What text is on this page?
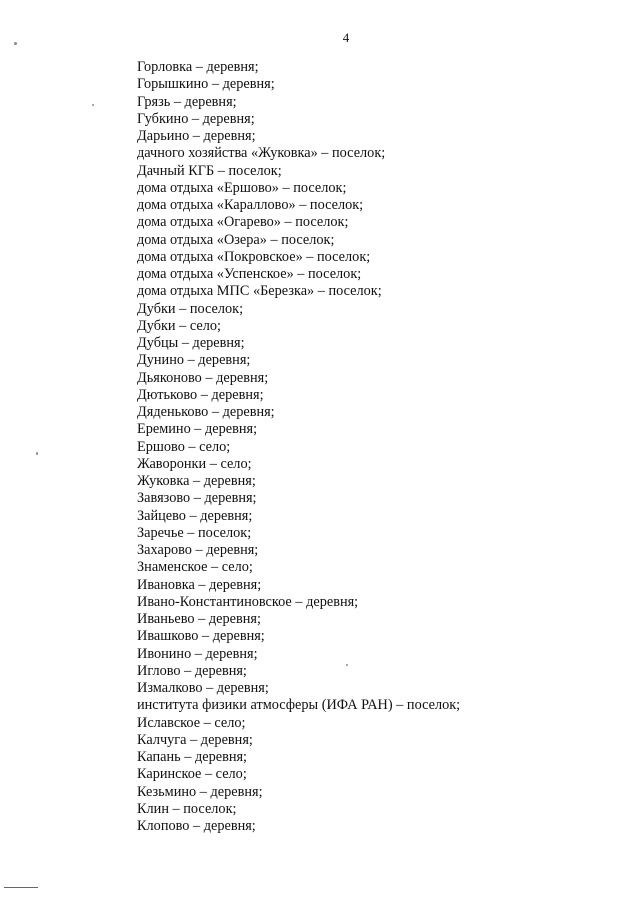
4
Горловка – деревня;
Горышкино – деревня;
Грязь – деревня;
Губкино – деревня;
Дарьино – деревня;
дачного хозяйства «Жуковка» – поселок;
Дачный КГБ – поселок;
дома отдыха «Ершово» – поселок;
дома отдыха «Караллово» – поселок;
дома отдыха «Огарево» – поселок;
дома отдыха «Озера» – поселок;
дома отдыха «Покровское» – поселок;
дома отдыха «Успенское» – поселок;
дома отдыха МПС «Березка» – поселок;
Дубки – поселок;
Дубки – село;
Дубцы – деревня;
Дунино – деревня;
Дьяконово – деревня;
Дютьково – деревня;
Дяденьково – деревня;
Еремино – деревня;
Ершово – село;
Жаворонки – село;
Жуковка – деревня;
Завязово – деревня;
Зайцево – деревня;
Заречье – поселок;
Захарово – деревня;
Знаменское – село;
Ивановка – деревня;
Ивано-Константиновское – деревня;
Иваньево – деревня;
Ивашково – деревня;
Ивонино – деревня;
Иглово – деревня;
Измалково – деревня;
института физики атмосферы (ИФА РАН) – поселок;
Иславское – село;
Калчуга – деревня;
Капань – деревня;
Каринское – село;
Кезьмино – деревня;
Клин – поселок;
Клопово – деревня;
